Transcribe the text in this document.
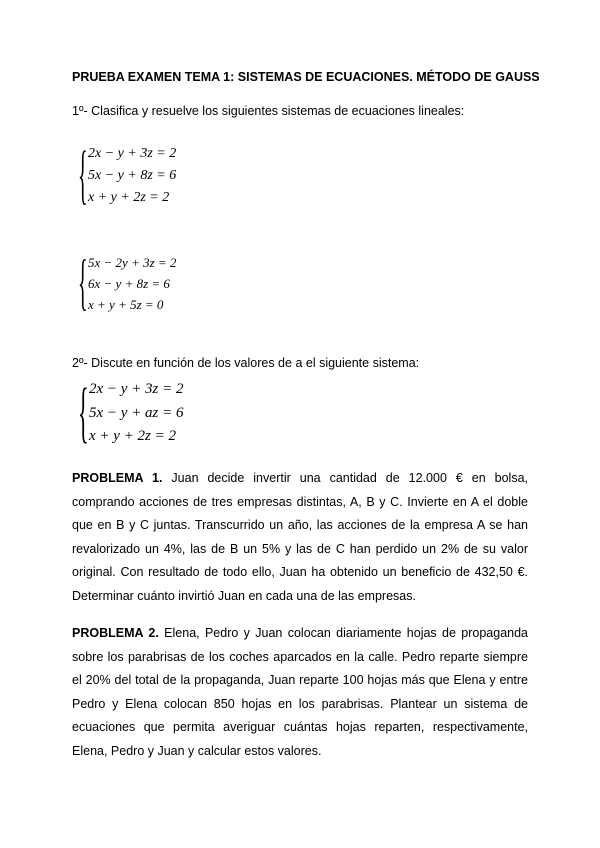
PRUEBA EXAMEN TEMA 1: SISTEMAS DE ECUACIONES. MÉTODO DE GAUSS
1º- Clasifica y resuelve los siguientes sistemas de ecuaciones lineales:
{ 2x − y + 3z = 2
5x − y + 8z = 6
x + y + 2z = 2
{ 5x − 2y + 3z = 2
6x − y + 8z = 6
x + y + 5z = 0
2º- Discute en función de los valores de a el siguiente sistema:
{ 2x − y + 3z = 2
5x − y + az = 6
x + y + 2z = 2
PROBLEMA 1. Juan decide invertir una cantidad de 12.000 € en bolsa, comprando acciones de tres empresas distintas, A, B y C. Invierte en A el doble que en B y C juntas. Transcurrido un año, las acciones de la empresa A se han revalorizado un 4%, las de B un 5% y las de C han perdido un 2% de su valor original. Con resultado de todo ello, Juan ha obtenido un beneficio de 432,50 €. Determinar cuánto invirtió Juan en cada una de las empresas.
PROBLEMA 2. Elena, Pedro y Juan colocan diariamente hojas de propaganda sobre los parabrisas de los coches aparcados en la calle. Pedro reparte siempre el 20% del total de la propaganda, Juan reparte 100 hojas más que Elena y entre Pedro y Elena colocan 850 hojas en los parabrisas. Plantear un sistema de ecuaciones que permita averiguar cuántas hojas reparten, respectivamente, Elena, Pedro y Juan y calcular estos valores.
